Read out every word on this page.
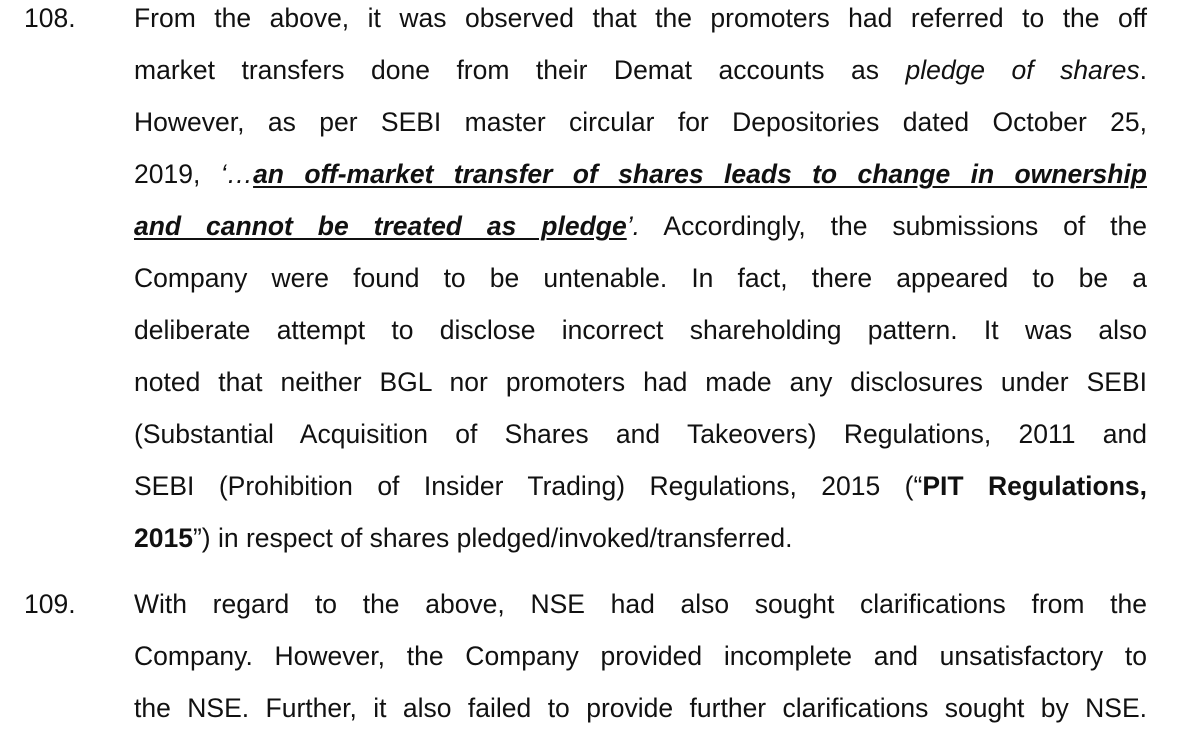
108. From the above, it was observed that the promoters had referred to the off
market transfers done from their Demat accounts as pledge of shares.
However, as per SEBI master circular for Depositories dated October 25,
2019, ‘…an off-market transfer of shares leads to change in ownership
and cannot be treated as pledge’. Accordingly, the submissions of the
Company were found to be untenable. In fact, there appeared to be a
deliberate attempt to disclose incorrect shareholding pattern. It was also
noted that neither BGL nor promoters had made any disclosures under SEBI
(Substantial Acquisition of Shares and Takeovers) Regulations, 2011 and
SEBI (Prohibition of Insider Trading) Regulations, 2015 (“PIT Regulations,
2015”) in respect of shares pledged/invoked/transferred.
109. With regard to the above, NSE had also sought clarifications from the
Company. However, the Company provided incomplete and unsatisfactory to
the NSE. Further, it also failed to provide further clarifications sought by NSE.
